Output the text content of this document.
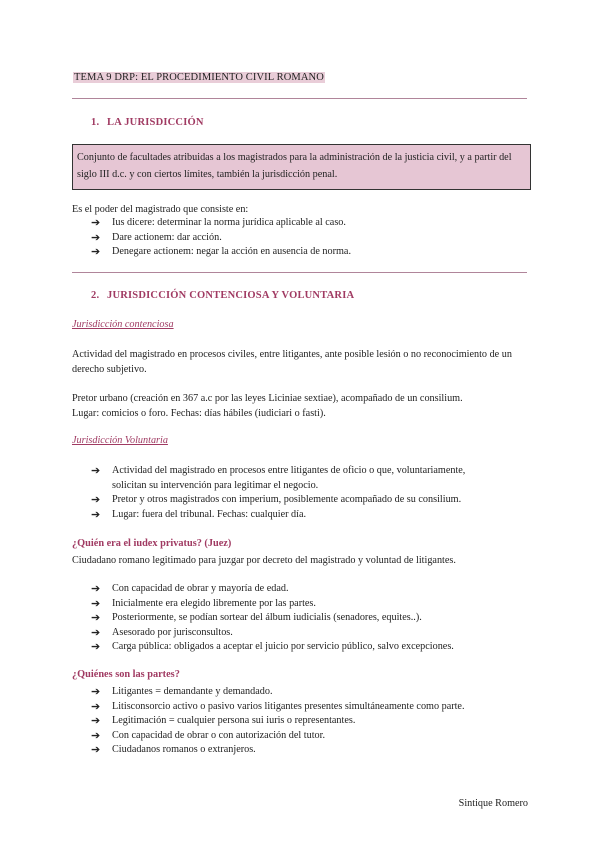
TEMA 9 DRP: EL PROCEDIMIENTO CIVIL ROMANO
1. LA JURISDICCIÓN
Conjunto de facultades atribuidas a los magistrados para la administración de la justicia civil, y a partir del siglo III d.c. y con ciertos límites, también la jurisdicción penal.
Es el poder del magistrado que consiste en:
➔ Ius dicere: determinar la norma jurídica aplicable al caso.
➔ Dare actionem: dar acción.
➔ Denegare actionem: negar la acción en ausencia de norma.
2. JURISDICCIÓN CONTENCIOSA Y VOLUNTARIA
Jurisdicción contenciosa
Actividad del magistrado en procesos civiles, entre litigantes, ante posible lesión o no reconocimiento de un derecho subjetivo.
Pretor urbano (creación en 367 a.c por las leyes Liciniae sextiae), acompañado de un consilium.
Lugar: comicios o foro. Fechas: días hábiles (iudiciari o fasti).
Jurisdicción Voluntaria
➔ Actividad del magistrado en procesos entre litigantes de oficio o que, voluntariamente, solicitan su intervención para legitimar el negocio.
➔ Pretor y otros magistrados con imperium, posiblemente acompañado de su consilium.
➔ Lugar: fuera del tribunal. Fechas: cualquier día.
¿Quién era el iudex privatus? (Juez)
Ciudadano romano legitimado para juzgar por decreto del magistrado y voluntad de litigantes.
➔ Con capacidad de obrar y mayoría de edad.
➔ Inicialmente era elegido libremente por las partes.
➔ Posteriormente, se podían sortear del álbum iudicialis (senadores, equites..).
➔ Asesorado por jurisconsultos.
➔ Carga pública: obligados a aceptar el juicio por servicio público, salvo excepciones.
¿Quiénes son las partes?
➔ Litigantes = demandante y demandado.
➔ Litisconsorcio activo o pasivo varios litigantes presentes simultáneamente como parte.
➔ Legitimación = cualquier persona sui iuris o representantes.
➔ Con capacidad de obrar o con autorización del tutor.
➔ Ciudadanos romanos o extranjeros.
Sintique Romero
